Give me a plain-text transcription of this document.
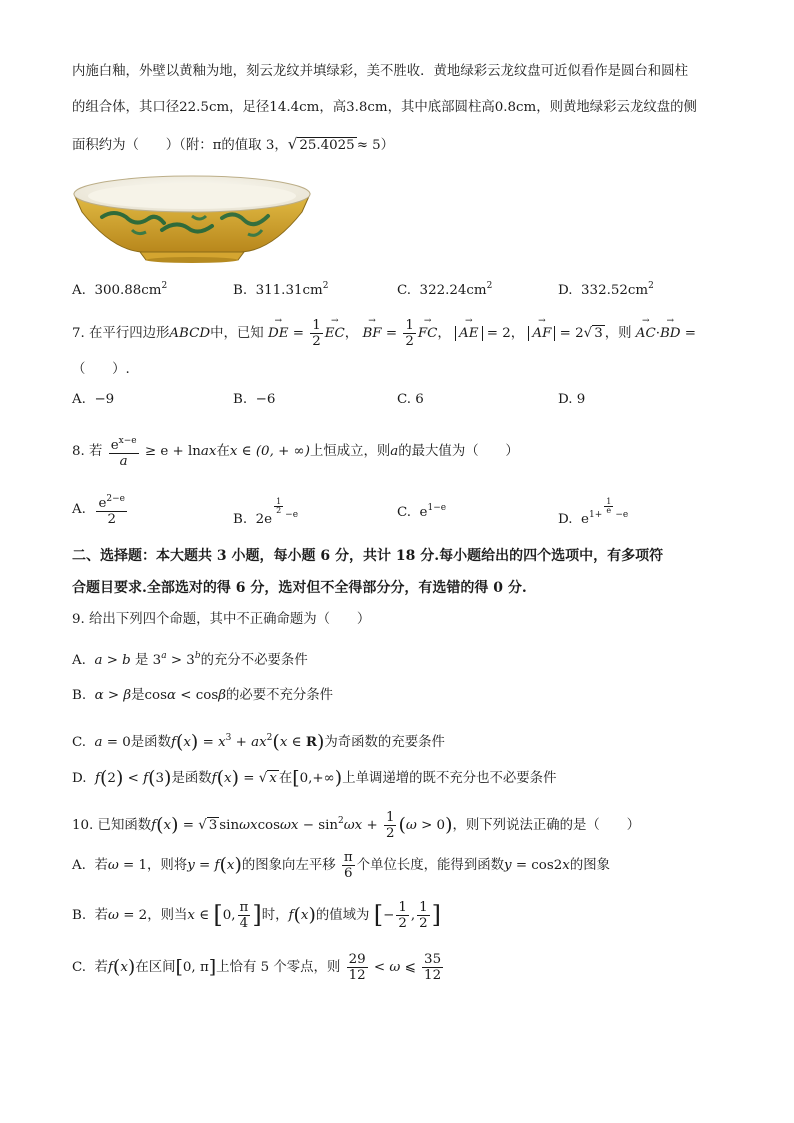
内施白釉，外壁以黄釉为地，刻云龙纹并填绿彩，美不胜收．黄地绿彩云龙纹盘可近似看作是圆台和圆柱
的组合体，其口径22.5cm，足径14.4cm，高3.8cm，其中底部圆柱高0.8cm，则黄地绿彩云龙纹盘的侧
面积约为（　　）（附：π的值取 3，√ 25.4025 ≈ 5）
A. $300.88cm^2$	B. $311.31cm^2$	C. $322.24cm^2$	D. $332.52cm^2$
7. 在平行四边形ABCD中，已知 → DE = $\frac{1}{2}$ → EC， → BF = $\frac{1}{2}$ → FC， → AE = 2， → AF = 2√ 3 ，则 → AC·→ BD =
（　　）.
A. −9	B. −6	C. 6	D. 9
8. 若 $\frac{e^{x-e}}{a} \ge e$ + lnax在x ∈ (0, + ∞)上恒成立，则a的最大值为（　　）
A. $\frac{e^{2-e}}{2}$	B. 2e
$^{\frac{1}{2} -e}$	C. $e^{1-e}$
D. $e^{1+ \frac{1}{e} -e}$
二、选择题：本大题共 3 小题，每小题 6 分，共计 18 分.每小题给出的四个选项中，有多项符
合题目要求.全部选对的得 6 分，选对但不全得部分分，有选错的得 0 分.
9. 给出下列四个命题，其中不正确命题为（　　）
A.  a > b 是 $3^a > 3^b$的充分不必要条件
B.  α > β是cosα < cosβ的必要不充分条件
C.  a = 0是函数$f(x) = x^3 + ax^2(x$ ∈ R)为奇函数的充要条件
D.  f(2) < f(3)是函数f(x) = √ x 在[0,+∞)上单调递增的既不充分也不必要条件
10. 已知函数f(x) = √ 3 $\sin\omega xcos\omega x - \sin^2\omega x + \frac{1}{2} (\omega > 0)$，则下列说法正确的是（　　）
A.  若ω = 1，则将y = f(x)的图象向左平移 $\frac{\pi}{6}$ 个单位长度，能得到函数y = cos2x的图象
B.  若ω = 2，则当x ∈ [0, $\frac{\pi}{4}$ ]时，f(x)的值域为 [− $\frac{1}{2}$ , $\frac{1}{2}$ ]
C.  若f(x)在区间[0, π]上恰有 5 个零点，则 $\frac{29}{12} < \omega$ ⩽ $\frac{35}{12}$
